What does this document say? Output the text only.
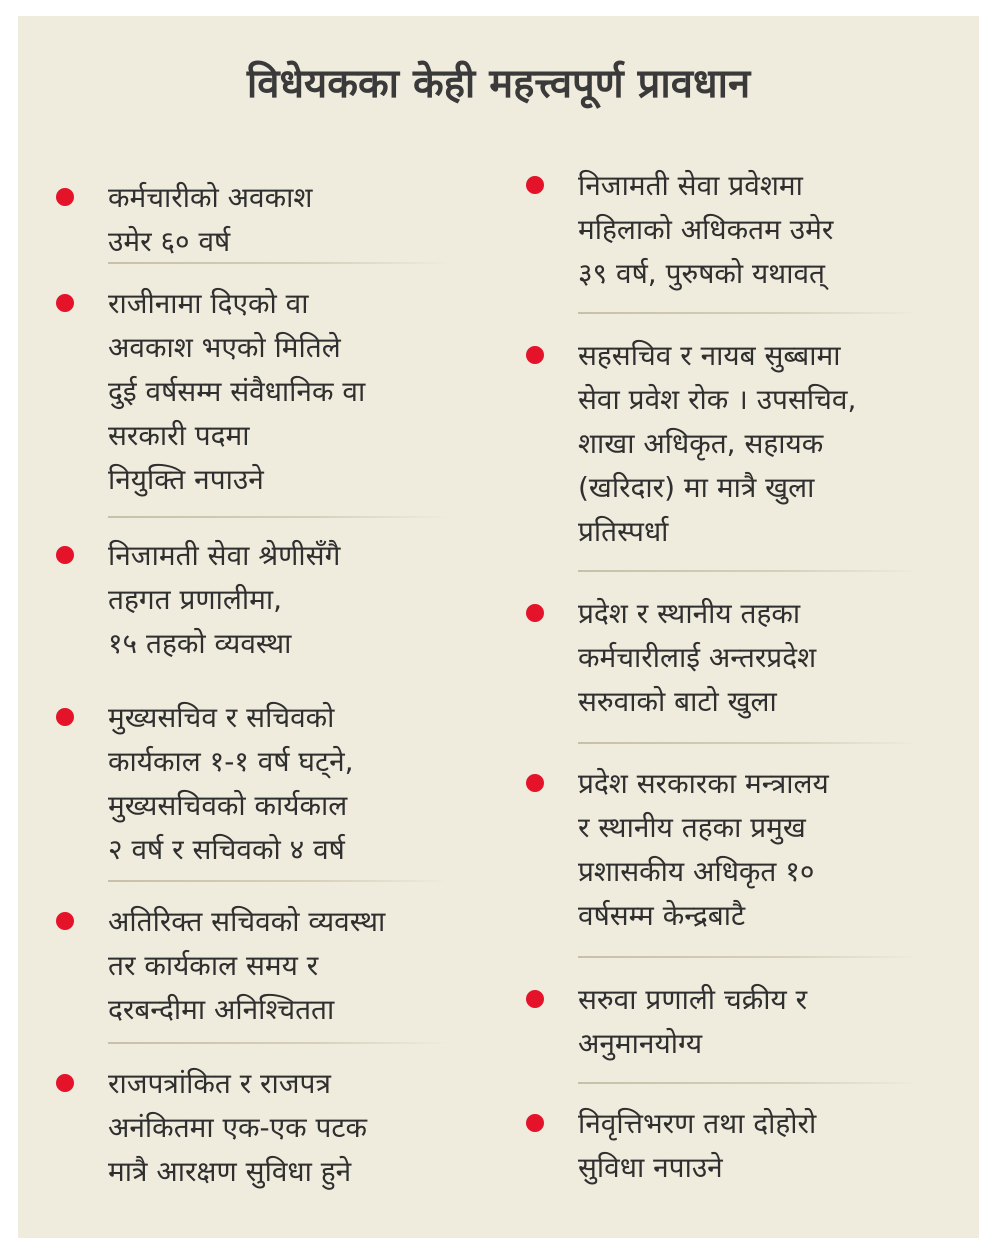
विधेयकका केही महत्त्वपूर्ण प्रावधान
कर्मचारीको अवकाश
उमेर ६० वर्ष
राजीनामा दिएको वा
अवकाश भएको मितिले
दुई वर्षसम्म संवैधानिक वा
सरकारी पदमा
नियुक्ति नपाउने
निजामती सेवा श्रेणीसँगै
तहगत प्रणालीमा,
१५ तहको व्यवस्था
मुख्यसचिव र सचिवको
कार्यकाल १-१ वर्ष घट्ने,
मुख्यसचिवको कार्यकाल
२ वर्ष र सचिवको ४ वर्ष
अतिरिक्त सचिवको व्यवस्था
तर कार्यकाल समय र
दरबन्दीमा अनिश्चितता
राजपत्रांकित र राजपत्र
अनंकितमा एक-एक पटक
मात्रै आरक्षण सुविधा हुने
निजामती सेवा प्रवेशमा
महिलाको अधिकतम उमेर
३९ वर्ष, पुरुषको यथावत्
सहसचिव र नायब सुब्बामा
सेवा प्रवेश रोक । उपसचिव,
शाखा अधिकृत, सहायक
(खरिदार) मा मात्रै खुला
प्रतिस्पर्धा
प्रदेश र स्थानीय तहका
कर्मचारीलाई अन्तरप्रदेश
सरुवाको बाटो खुला
प्रदेश सरकारका मन्त्रालय
र स्थानीय तहका प्रमुख
प्रशासकीय अधिकृत १०
वर्षसम्म केन्द्रबाटै
सरुवा प्रणाली चक्रीय र
अनुमानयोग्य
निवृत्तिभरण तथा दोहोरो
सुविधा नपाउने
